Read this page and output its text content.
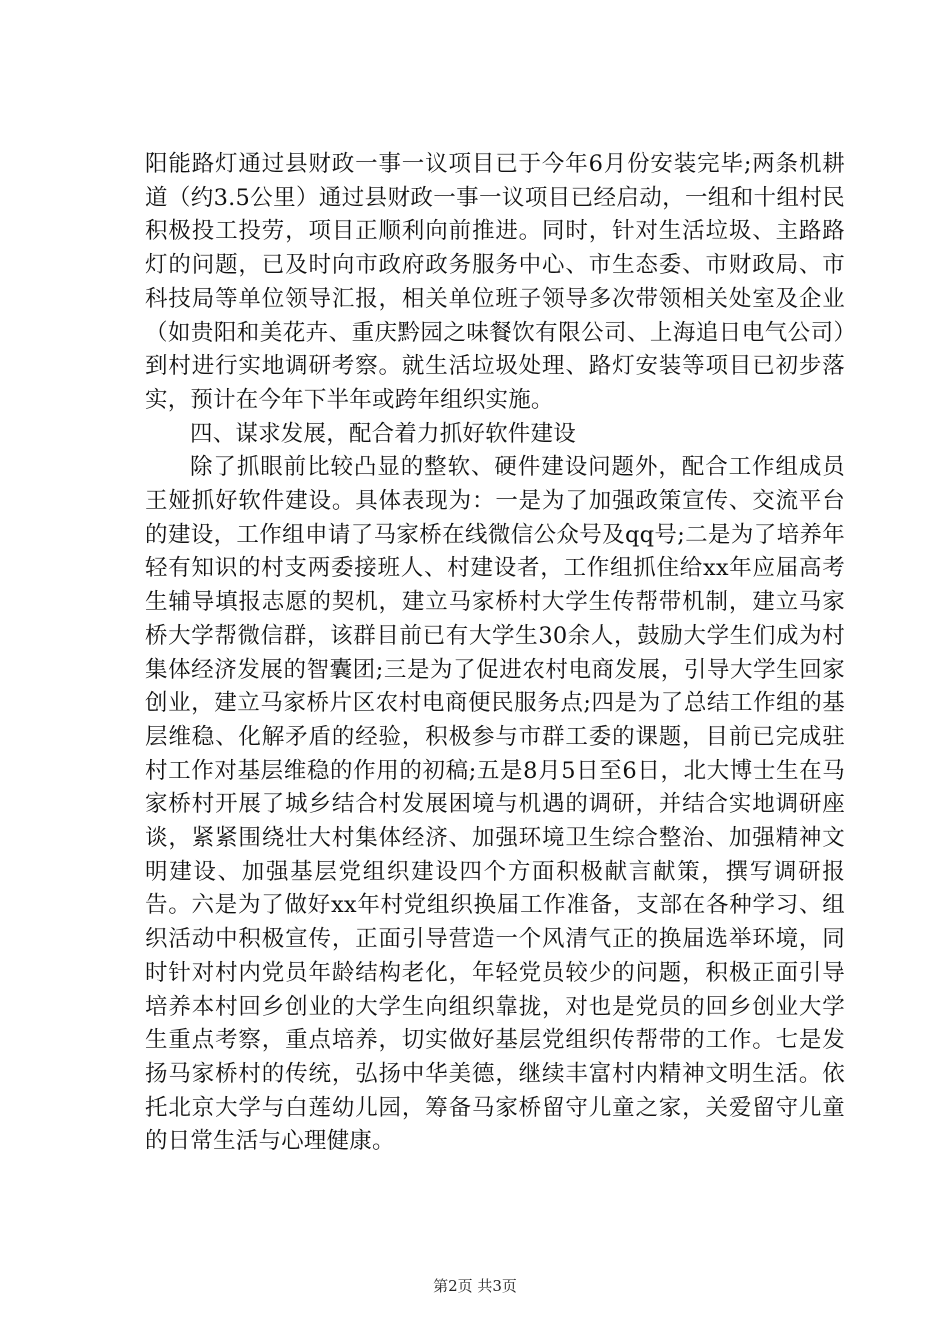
阳能路灯通过县财政一事一议项目已于今年6月份安装完毕;两条机耕道（约3.5公里）通过县财政一事一议项目已经启动，一组和十组村民积极投工投劳，项目正顺利向前推进。同时，针对生活垃圾、主路路灯的问题，已及时向市政府政务服务中心、市生态委、市财政局、市科技局等单位领导汇报，相关单位班子领导多次带领相关处室及企业（如贵阳和美花卉、重庆黔园之味餐饮有限公司、上海追日电气公司）到村进行实地调研考察。就生活垃圾处理、路灯安装等项目已初步落实，预计在今年下半年或跨年组织实施。

四、谋求发展，配合着力抓好软件建设

除了抓眼前比较凸显的整软、硬件建设问题外，配合工作组成员王娅抓好软件建设。具体表现为：一是为了加强政策宣传、交流平台的建设，工作组申请了马家桥在线微信公众号及qq号;二是为了培养年轻有知识的村支两委接班人、村建设者，工作组抓住给xx年应届高考生辅导填报志愿的契机，建立马家桥村大学生传帮带机制，建立马家桥大学帮微信群，该群目前已有大学生30余人，鼓励大学生们成为村集体经济发展的智囊团;三是为了促进农村电商发展，引导大学生回家创业，建立马家桥片区农村电商便民服务点;四是为了总结工作组的基层维稳、化解矛盾的经验，积极参与市群工委的课题，目前已完成驻村工作对基层维稳的作用的初稿;五是8月5日至6日，北大博士生在马家桥村开展了城乡结合村发展困境与机遇的调研，并结合实地调研座谈，紧紧围绕壮大村集体经济、加强环境卫生综合整治、加强精神文明建设、加强基层党组织建设四个方面积极献言献策，撰写调研报告。六是为了做好xx年村党组织换届工作准备，支部在各种学习、组织活动中积极宣传，正面引导营造一个风清气正的换届选举环境，同时针对村内党员年龄结构老化，年轻党员较少的问题，积极正面引导培养本村回乡创业的大学生向组织靠拢，对也是党员的回乡创业大学生重点考察，重点培养，切实做好基层党组织传帮带的工作。七是发扬马家桥村的传统，弘扬中华美德，继续丰富村内精神文明生活。依托北京大学与白莲幼儿园，筹备马家桥留守儿童之家，关爱留守儿童的日常生活与心理健康。

第2页 共3页
